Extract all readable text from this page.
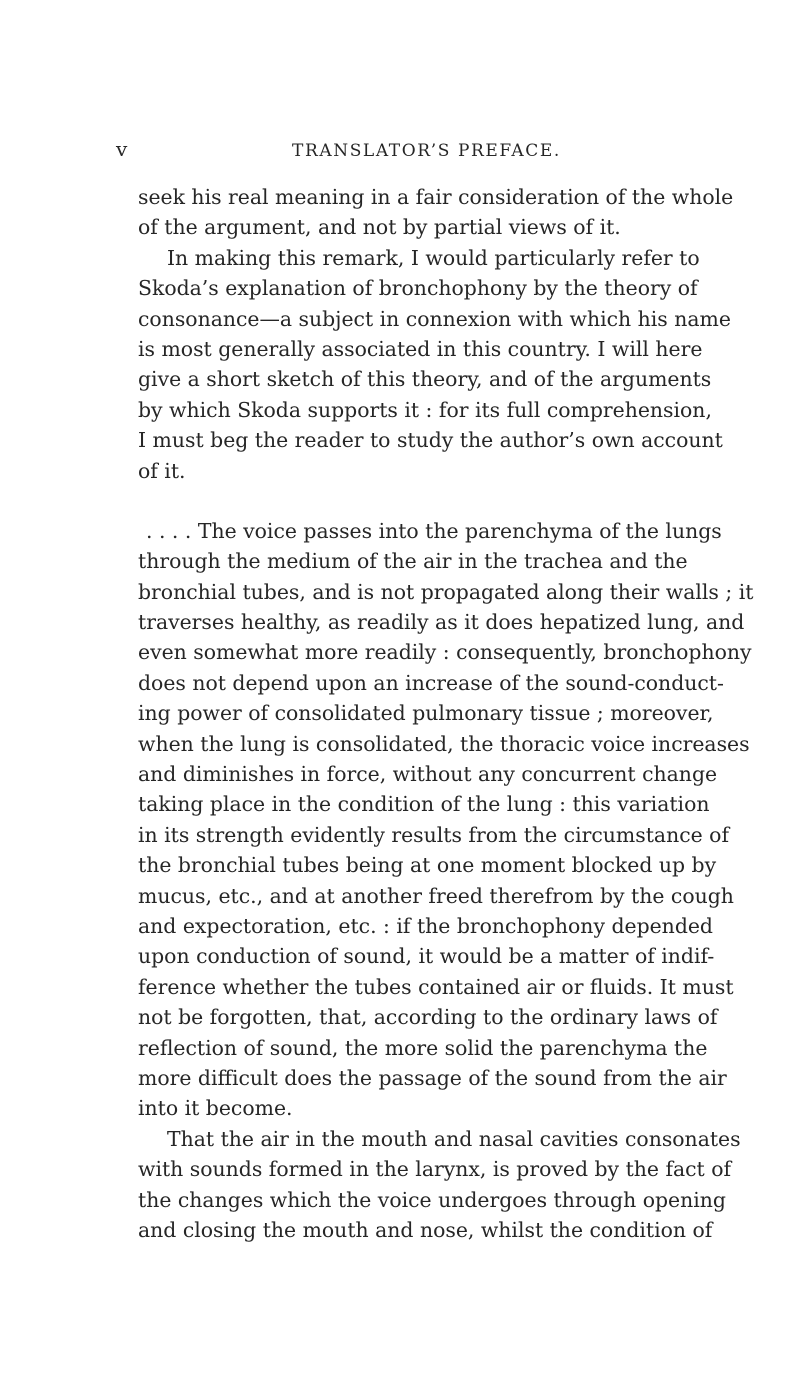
v	TRANSLATOR’S PREFACE.
seek his real meaning in a fair consideration of the whole
of the argument, and not by partial views of it.
In making this remark, I would particularly refer to
Skoda’s explanation of bronchophony by the theory of
consonance—a subject in connexion with which his name
is most generally associated in this country. I will here
give a short sketch of this theory, and of the arguments
by which Skoda supports it : for its full comprehension,
I must beg the reader to study the author’s own account
of it.
. . . . The voice passes into the parenchyma of the lungs
through the medium of the air in the trachea and the
bronchial tubes, and is not propagated along their walls ; it
traverses healthy, as readily as it does hepatized lung, and
even somewhat more readily : consequently, bronchophony
does not depend upon an increase of the sound-conduct-
ing power of consolidated pulmonary tissue ; moreover,
when the lung is consolidated, the thoracic voice increases
and diminishes in force, without any concurrent change
taking place in the condition of the lung : this variation
in its strength evidently results from the circumstance of
the bronchial tubes being at one moment blocked up by
mucus, etc., and at another freed therefrom by the cough
and expectoration, etc. : if the bronchophony depended
upon conduction of sound, it would be a matter of indif-
ference whether the tubes contained air or fluids. It must
not be forgotten, that, according to the ordinary laws of
reflection of sound, the more solid the parenchyma the
more difficult does the passage of the sound from the air
into it become.
That the air in the mouth and nasal cavities consonates
with sounds formed in the larynx, is proved by the fact of
the changes which the voice undergoes through opening
and closing the mouth and nose, whilst the condition of
